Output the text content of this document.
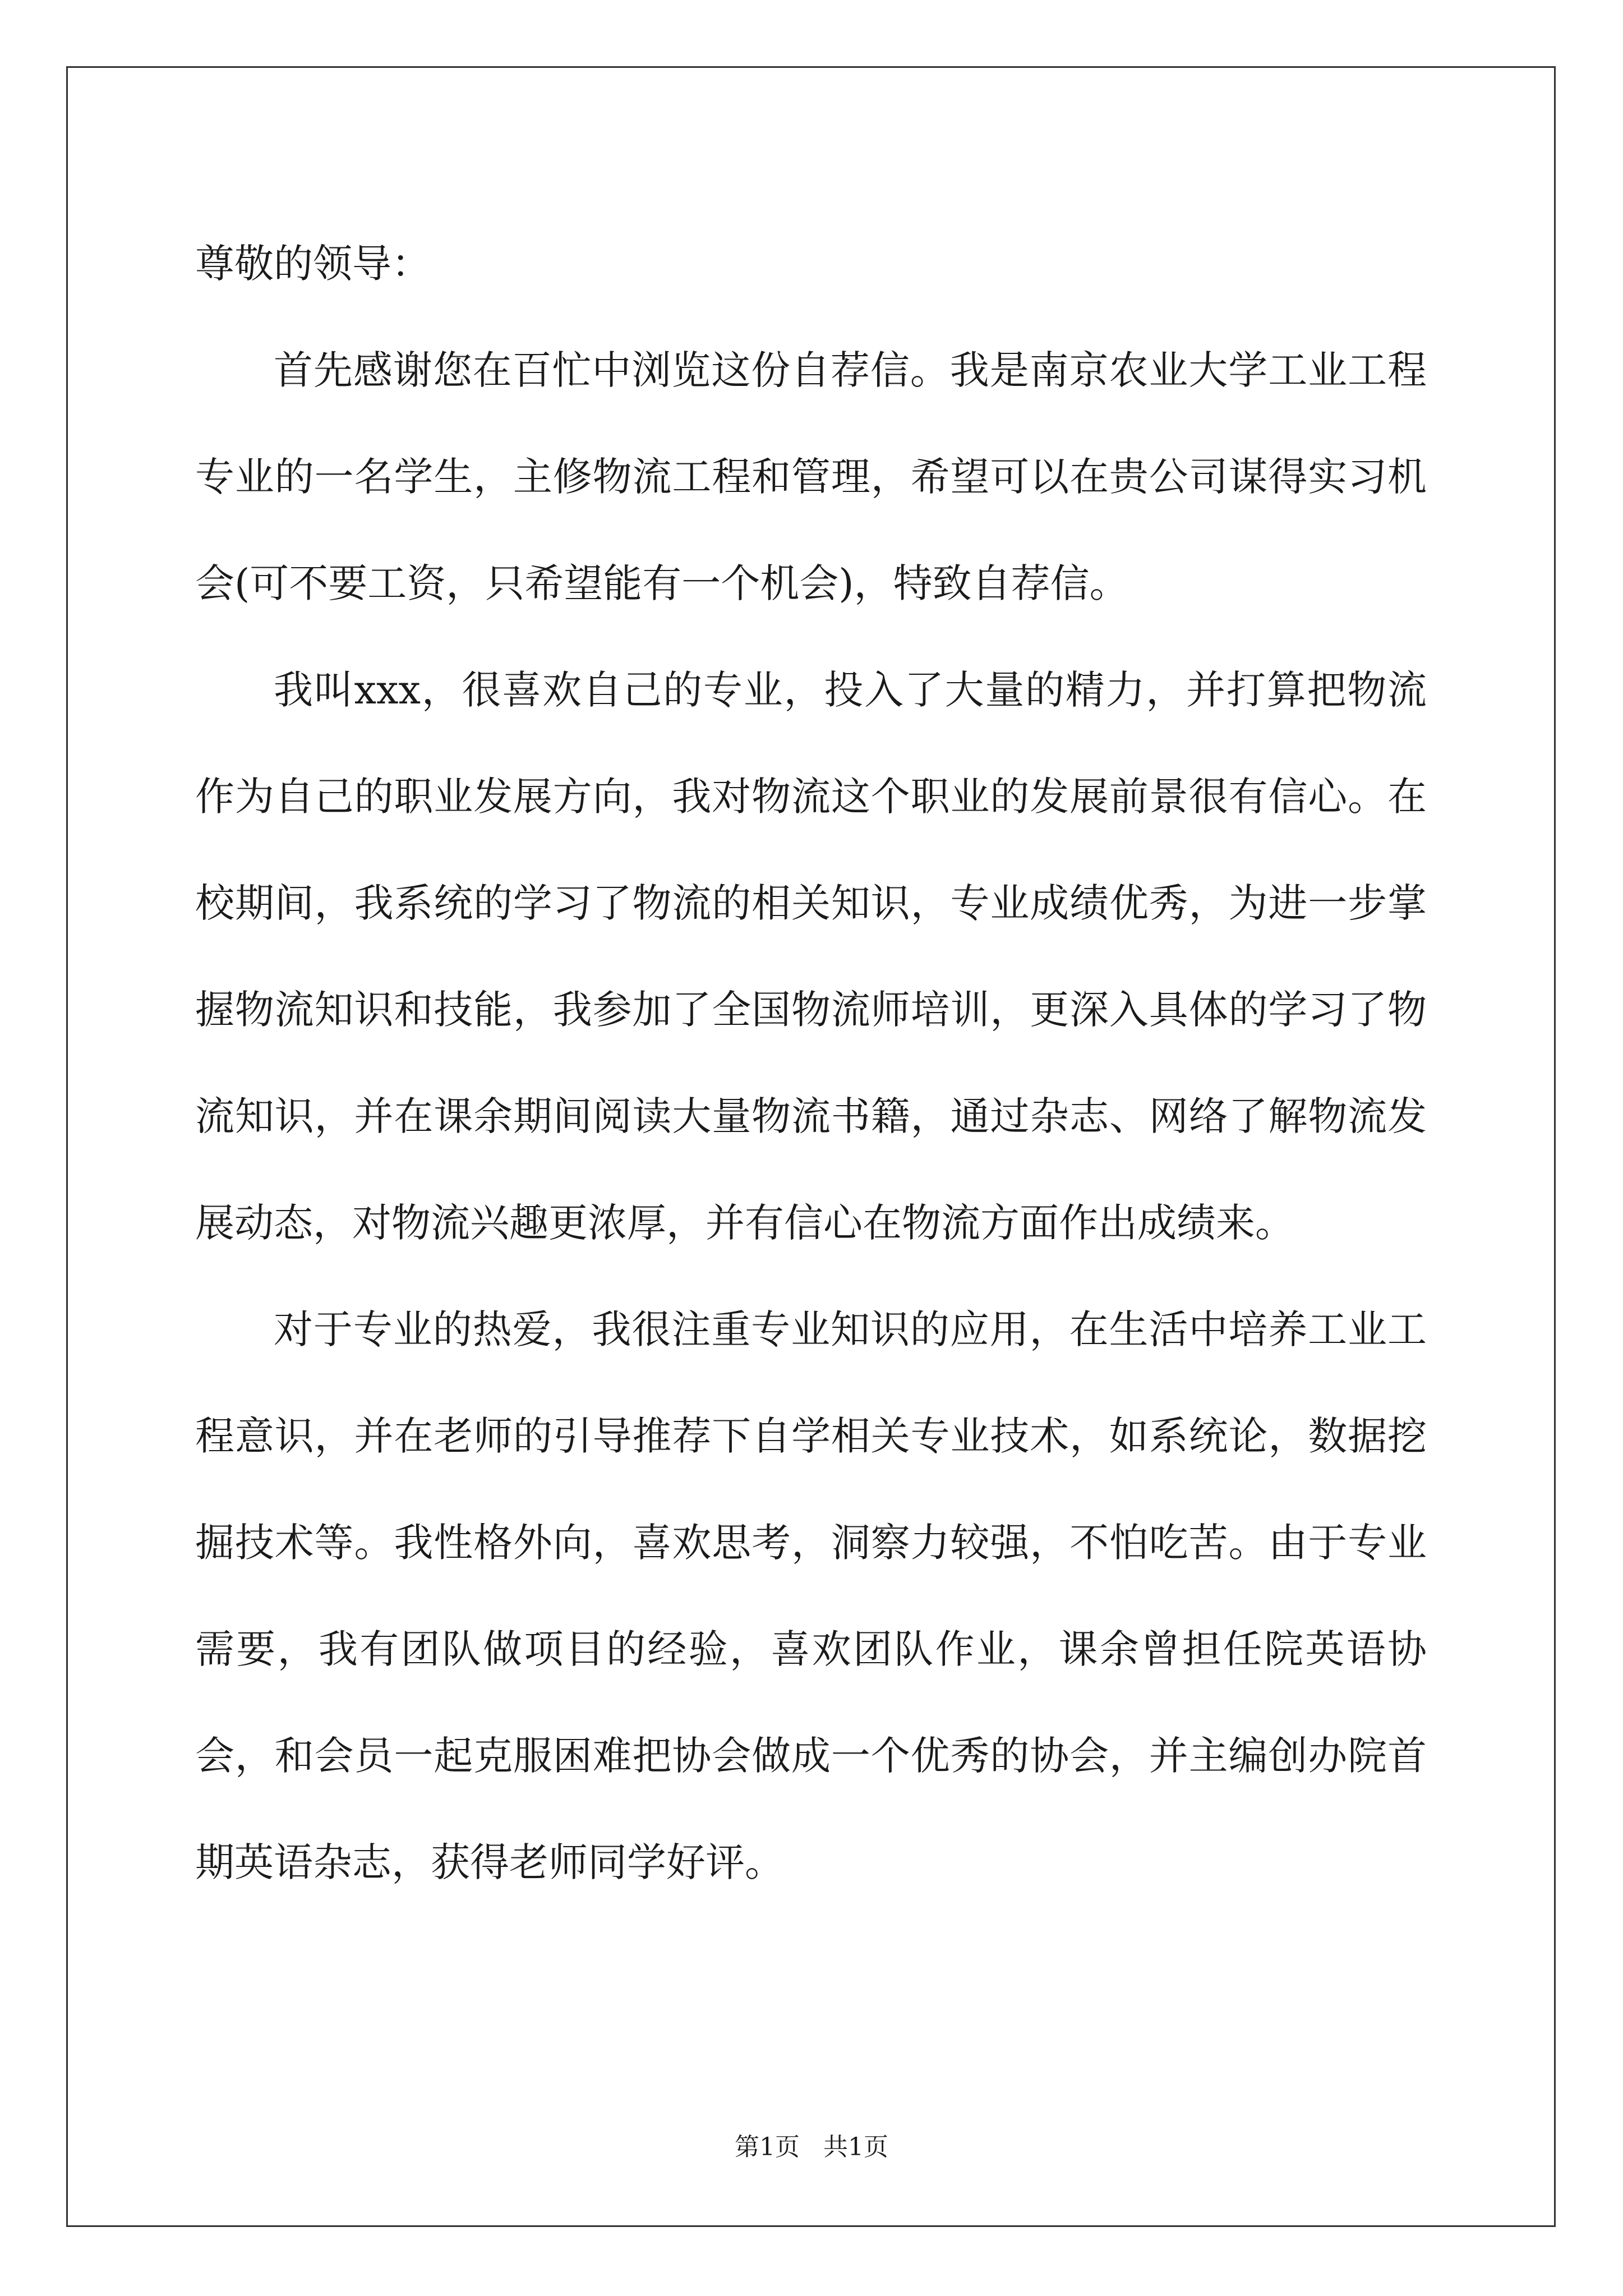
尊敬的领导：

首先感谢您在百忙中浏览这份自荐信。我是南京农业大学工业工程专业的一名学生，主修物流工程和管理，希望可以在贵公司谋得实习机会(可不要工资，只希望能有一个机会)，特致自荐信。

我叫xxx，很喜欢自己的专业，投入了大量的精力，并打算把物流作为自己的职业发展方向，我对物流这个职业的发展前景很有信心。在校期间，我系统的学习了物流的相关知识，专业成绩优秀，为进一步掌握物流知识和技能，我参加了全国物流师培训，更深入具体的学习了物流知识，并在课余期间阅读大量物流书籍，通过杂志、网络了解物流发展动态，对物流兴趣更浓厚，并有信心在物流方面作出成绩来。

对于专业的热爱，我很注重专业知识的应用，在生活中培养工业工程意识，并在老师的引导推荐下自学相关专业技术，如系统论，数据挖掘技术等。我性格外向，喜欢思考，洞察力较强，不怕吃苦。由于专业需要，我有团队做项目的经验，喜欢团队作业，课余曾担任院英语协会，和会员一起克服困难把协会做成一个优秀的协会，并主编创办院首期英语杂志，获得老师同学好评。

第1页   共1页
